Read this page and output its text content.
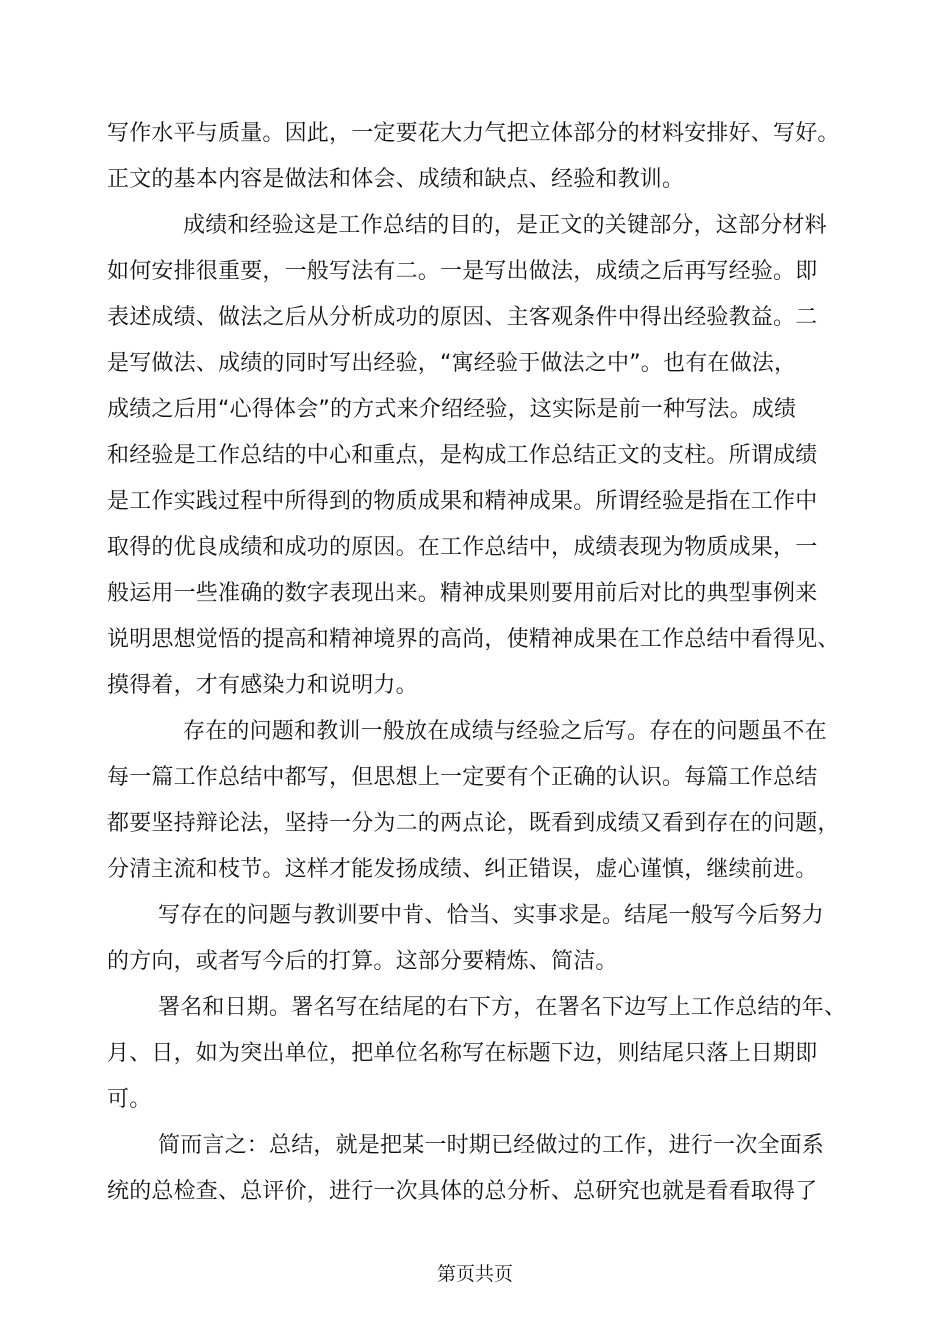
写作水平与质量。因此，一定要花大力气把立体部分的材料安排好、写好。

正文的基本内容是做法和体会、成绩和缺点、经验和教训。

成绩和经验这是工作总结的目的，是正文的关键部分，这部分材料

如何安排很重要，一般写法有二。一是写出做法，成绩之后再写经验。即

表述成绩、做法之后从分析成功的原因、主客观条件中得出经验教益。二

是写做法、成绩的同时写出经验，“寓经验于做法之中”。也有在做法，

成绩之后用“心得体会”的方式来介绍经验，这实际是前一种写法。成绩

和经验是工作总结的中心和重点，是构成工作总结正文的支柱。所谓成绩

是工作实践过程中所得到的物质成果和精神成果。所谓经验是指在工作中

取得的优良成绩和成功的原因。在工作总结中，成绩表现为物质成果，一

般运用一些准确的数字表现出来。精神成果则要用前后对比的典型事例来

说明思想觉悟的提高和精神境界的高尚，使精神成果在工作总结中看得见、

摸得着，才有感染力和说明力。

存在的问题和教训一般放在成绩与经验之后写。存在的问题虽不在

每一篇工作总结中都写，但思想上一定要有个正确的认识。每篇工作总结

都要坚持辩论法，坚持一分为二的两点论，既看到成绩又看到存在的问题，

分清主流和枝节。这样才能发扬成绩、纠正错误，虚心谨慎，继续前进。

写存在的问题与教训要中肯、恰当、实事求是。结尾一般写今后努力

的方向，或者写今后的打算。这部分要精炼、简洁。

署名和日期。署名写在结尾的右下方，在署名下边写上工作总结的年、

月、日，如为突出单位，把单位名称写在标题下边，则结尾只落上日期即

可。

简而言之：总结，就是把某一时期已经做过的工作，进行一次全面系

统的总检查、总评价，进行一次具体的总分析、总研究也就是看看取得了

第页共页
